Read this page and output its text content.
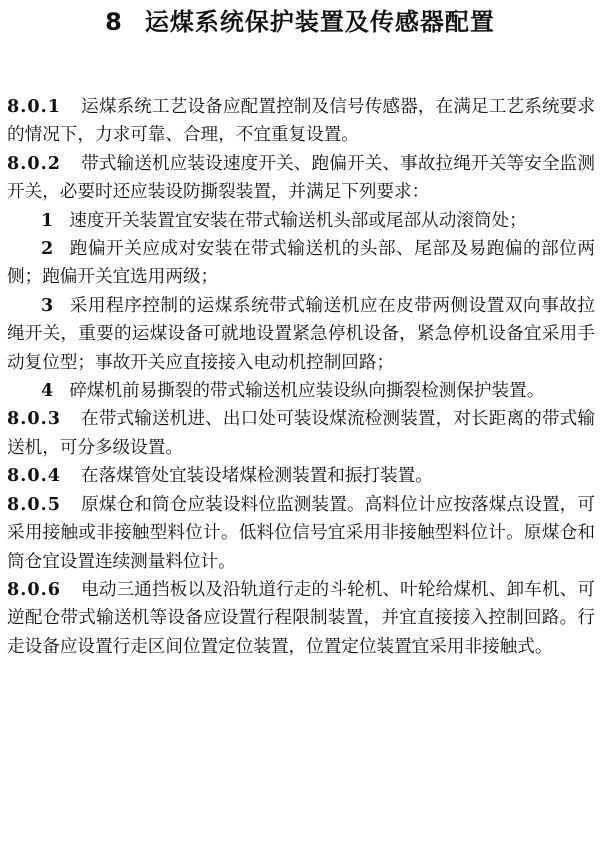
8 运煤系统保护装置及传感器配置

8.0.1 运煤系统工艺设备应配置控制及信号传感器，在满足工艺系统要求的情况下，力求可靠、合理，不宜重复设置。

8.0.2 带式输送机应装设速度开关、跑偏开关、事故拉绳开关等安全监测开关，必要时还应装设防撕裂装置，并满足下列要求：

1 速度开关装置宜安装在带式输送机头部或尾部从动滚筒处；

2 跑偏开关应成对安装在带式输送机的头部、尾部及易跑偏的部位两侧；跑偏开关宜选用两级；

3 采用程序控制的运煤系统带式输送机应在皮带两侧设置双向事故拉绳开关，重要的运煤设备可就地设置紧急停机设备，紧急停机设备宜采用手动复位型；事故开关应直接接入电动机控制回路；

4 碎煤机前易撕裂的带式输送机应装设纵向撕裂检测保护装置。

8.0.3 在带式输送机进、出口处可装设煤流检测装置，对长距离的带式输送机，可分多级设置。

8.0.4 在落煤管处宜装设堵煤检测装置和振打装置。

8.0.5 原煤仓和筒仓应装设料位监测装置。高料位计应按落煤点设置，可采用接触或非接触型料位计。低料位信号宜采用非接触型料位计。原煤仓和筒仓宜设置连续测量料位计。

8.0.6 电动三通挡板以及沿轨道行走的斗轮机、叶轮给煤机、卸车机、可逆配仓带式输送机等设备应设置行程限制装置，并宜直接接入控制回路。行走设备应设置行走区间位置定位装置，位置定位装置宜采用非接触式。
